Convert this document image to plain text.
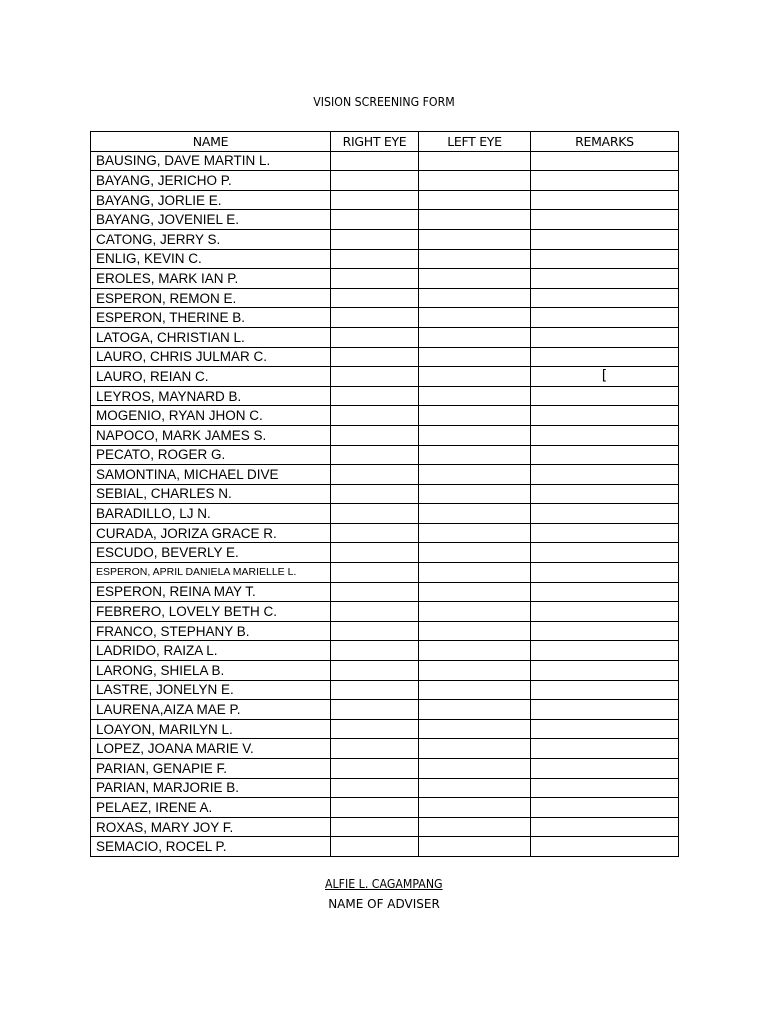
VISION SCREENING FORM
NAME	RIGHT EYE	LEFT EYE	REMARKS
BAUSING, DAVE MARTIN L.			
BAYANG, JERICHO P.			
BAYANG, JORLIE E.			
BAYANG, JOVENIEL E.			
CATONG, JERRY S.			
ENLIG, KEVIN C.			
EROLES, MARK IAN P.			
ESPERON, REMON E.			
ESPERON, THERINE B.			
LATOGA, CHRISTIAN L.			
LAURO, CHRIS JULMAR C.			
LAURO, REIAN C.			[
LEYROS, MAYNARD B.			
MOGENIO, RYAN JHON C.			
NAPOCO, MARK JAMES S.			
PECATO, ROGER G.			
SAMONTINA, MICHAEL DIVE			
SEBIAL, CHARLES N.			
BARADILLO, LJ N.			
CURADA, JORIZA GRACE R.			
ESCUDO, BEVERLY E.			
ESPERON, APRIL DANIELA MARIELLE L.			
ESPERON, REINA MAY T.			
FEBRERO, LOVELY BETH C.			
FRANCO, STEPHANY B.			
LADRIDO, RAIZA L.			
LARONG, SHIELA B.			
LASTRE, JONELYN E.			
LAURENA,AIZA MAE P.			
LOAYON, MARILYN L.			
LOPEZ, JOANA MARIE V.			
PARIAN, GENAPIE F.			
PARIAN, MARJORIE B.			
PELAEZ, IRENE A.			
ROXAS, MARY JOY F.			
SEMACIO, ROCEL P.			
ALFIE L. CAGAMPANG
NAME OF ADVISER
